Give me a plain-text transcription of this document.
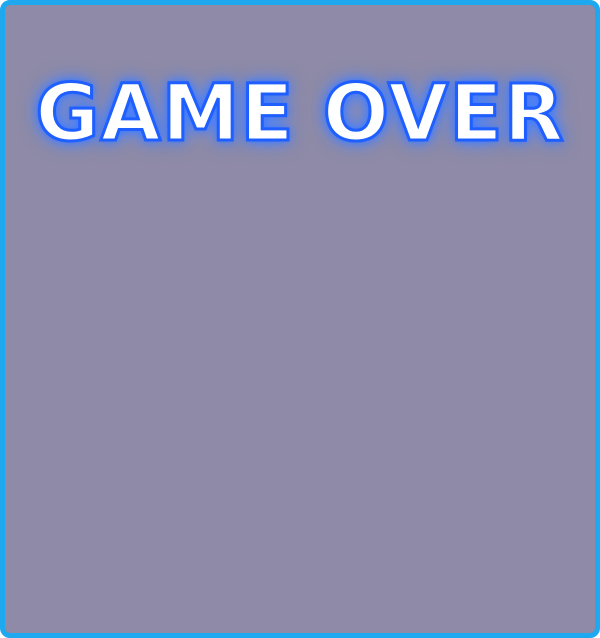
GAME OVER
